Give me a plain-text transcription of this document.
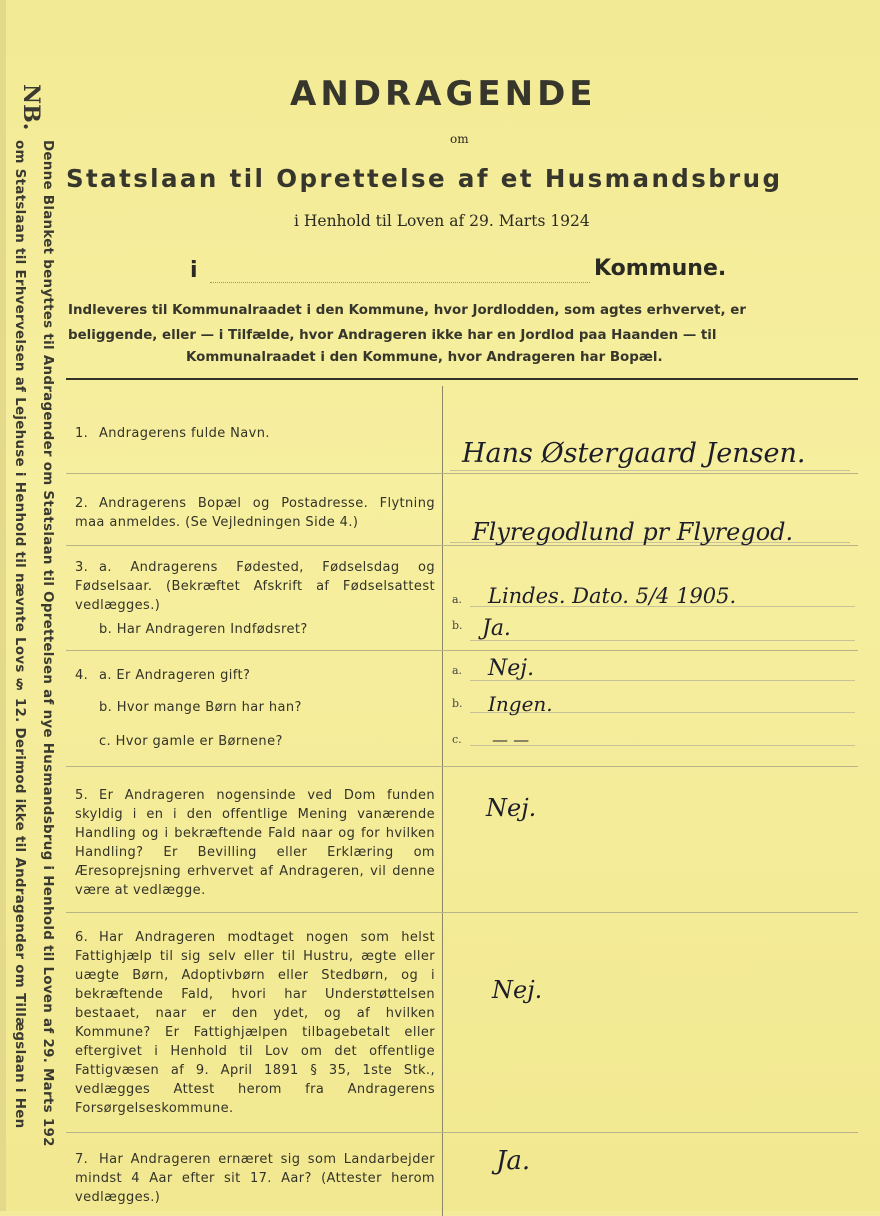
NB.
Denne Blanket benyttes til Andragender om Statslaan til Oprettelsen af nye Husmandsbrug i Henhold til Loven af 29. Marts 192
om Statslaan til Erhvervelsen af Lejehuse i Henhold til nævnte Lovs § 12. Derimod ikke til Andragender om Tillægslaan i Hen
ANDRAGENDE
om
Statslaan til Oprettelse af et Husmandsbrug
i Henhold til Loven af 29. Marts 1924
i	Kommune.
Indleveres til Kommunalraadet i den Kommune, hvor Jordlodden, som agtes erhvervet, er
beliggende, eller — i Tilfælde, hvor Andrageren ikke har en Jordlod paa Haanden — til
Kommunalraadet i den Kommune, hvor Andrageren har Bopæl.
1. Andragerens fulde Navn.
2. Andragerens Bopæl og Postadresse. Flytning maa anmeldes. (Se Vejledningen Side 4.)
3. a. Andragerens Fødested, Fødselsdag og Fødselsaar. (Bekræftet Afskrift af Fødselsattest vedlægges.)
b. Har Andrageren Indfødsret?
4. a. Er Andrageren gift?
b. Hvor mange Børn har han?
c. Hvor gamle er Børnene?
5. Er Andrageren nogensinde ved Dom funden skyldig i en i den offentlige Mening vanærende Handling og i bekræftende Fald naar og for hvilken Handling? Er Bevilling eller Erklæring om Æresoprejsning erhvervet af Andrageren, vil denne være at vedlægge.
6. Har Andrageren modtaget nogen som helst Fattighjælp til sig selv eller til Hustru, ægte eller uægte Børn, Adoptivbørn eller Stedbørn, og i bekræftende Fald, hvori har Understøttelsen bestaaet, naar er den ydet, og af hvilken Kommune? Er Fattighjælpen tilbagebetalt eller eftergivet i Henhold til Lov om det offentlige Fattigvæsen af 9. April 1891 § 35, 1ste Stk., vedlægges Attest herom fra Andragerens Forsørgelseskommune.
7. Har Andrageren ernæret sig som Landarbejder mindst 4 Aar efter sit 17. Aar? (Attester herom vedlægges.)
a.
b.
a.
b.
c.
Hans Østergaard Jensen.
Flyregodlund pr Flyregod.
Lindes. Dato. 5/4 1905.
Ja.
Nej.
Ingen.
— —
Nej.
Nej.
Ja.
